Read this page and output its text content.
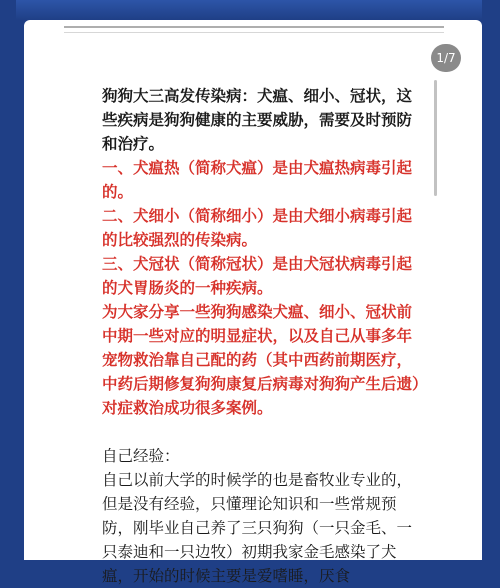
1/7

狗狗大三高发传染病：犬瘟、细小、冠状，这些疾病是狗狗健康的主要威胁，需要及时预防和治疗。

一、犬瘟热（简称犬瘟）是由犬瘟热病毒引起的。

二、犬细小（简称细小）是由犬细小病毒引起的比较强烈的传染病。

三、犬冠状（简称冠状）是由犬冠状病毒引起的犬胃肠炎的一种疾病。

为大家分享一些狗狗感染犬瘟、细小、冠状前中期一些对应的明显症状，以及自己从事多年宠物救治靠自己配的药（其中西药前期医疗，中药后期修复狗狗康复后病毒对狗狗产生后遗）对症救治成功很多案例。

自己经验：

自己以前大学的时候学的也是畜牧业专业的，但是没有经验，只懂理论知识和一些常规预防，刚毕业自己养了三只狗狗（一只金毛、一只泰迪和一只边牧）初期我家金毛感染了犬瘟，开始的时候主要是爱嗜睡，厌食
